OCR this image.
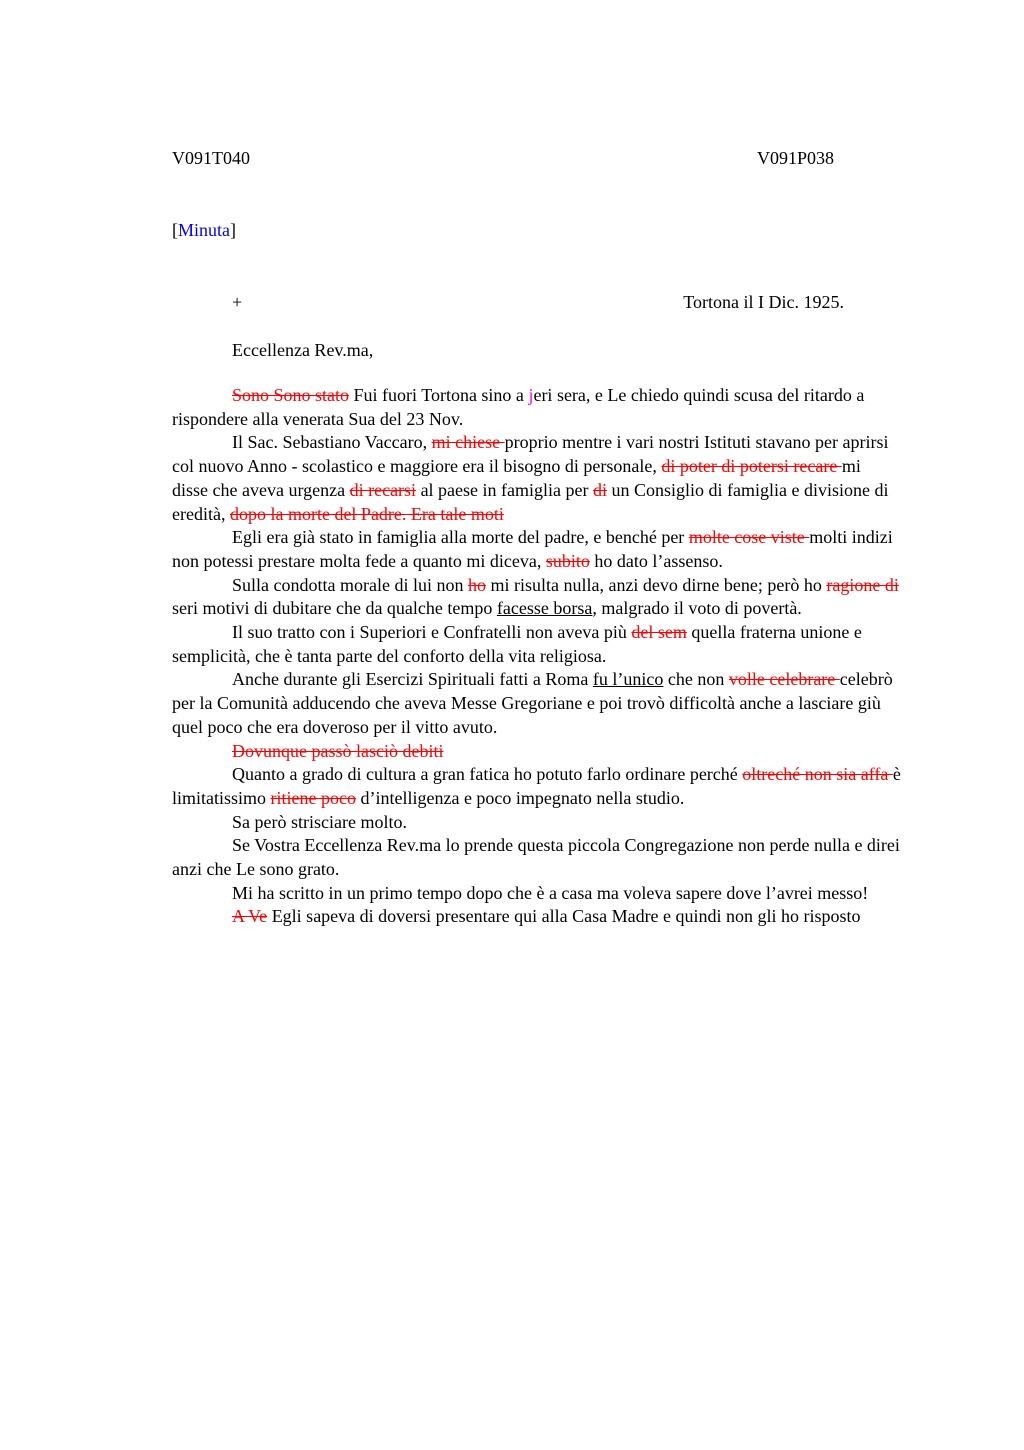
V091T040	V091P038
[Minuta]
+	Tortona il I Dic. 1925.
Eccellenza Rev.ma,

Sono Sono stato Fui fuori Tortona sino a jeri sera, e Le chiedo quindi scusa del ritardo a rispondere alla venerata Sua del 23 Nov.

Il Sac. Sebastiano Vaccaro, mi chiese proprio mentre i vari nostri Istituti stavano per aprirsi col nuovo Anno - scolastico e maggiore era il bisogno di personale, di poter di potersi recare mi disse che aveva urgenza di recarsi al paese in famiglia per di un Consiglio di famiglia e divisione di eredità, dopo la morte del Padre. Era tale moti

Egli era già stato in famiglia alla morte del padre, e benché per molte cose viste molti indizi non potessi prestare molta fede a quanto mi diceva, subito ho dato l’assenso.

Sulla condotta morale di lui non ho mi risulta nulla, anzi devo dirne bene; però ho ragione di seri motivi di dubitare che da qualche tempo facesse borsa, malgrado il voto di povertà.

Il suo tratto con i Superiori e Confratelli non aveva più del sem quella fraterna unione e semplicità, che è tanta parte del conforto della vita religiosa.

Anche durante gli Esercizi Spirituali fatti a Roma fu l’unico che non volle celebrare celebrò per la Comunità adducendo che aveva Messe Gregoriane e poi trovò difficoltà anche a lasciare giù quel poco che era doveroso per il vitto avuto.

Dovunque passò lasciò debiti

Quanto a grado di cultura a gran fatica ho potuto farlo ordinare perché oltreché non sia affa è limitatissimo ritiene poco d’intelligenza e poco impegnato nella studio.

Sa però strisciare molto.

Se Vostra Eccellenza Rev.ma lo prende questa piccola Congregazione non perde nulla e direi anzi che Le sono grato.

Mi ha scritto in un primo tempo dopo che è a casa ma voleva sapere dove l’avrei messo!

A Ve Egli sapeva di doversi presentare qui alla Casa Madre e quindi non gli ho risposto
